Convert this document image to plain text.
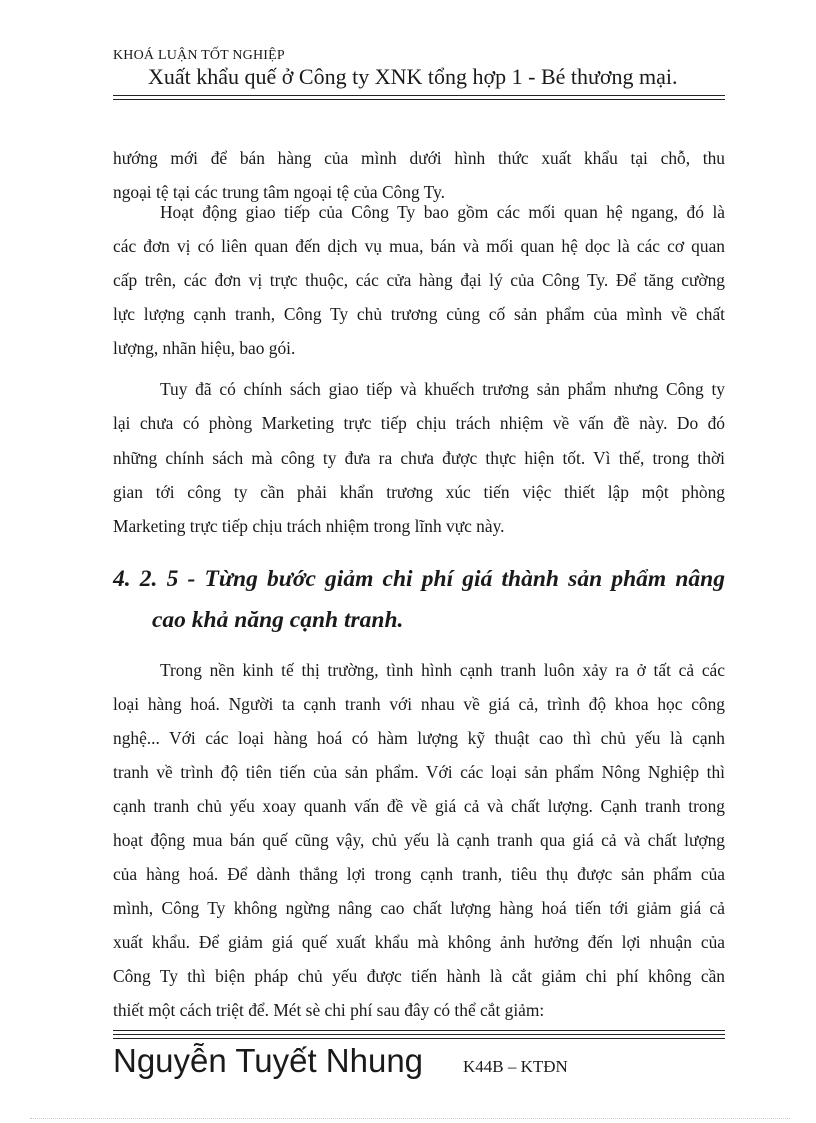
KHOÁ LUẬN TỐT NGHIỆP
Xuất khẩu quế ở Công ty XNK tổng hợp 1 - Bé thương mại.
hướng mới để bán hàng của mình dưới hình thức xuất khẩu tại chỗ, thu
ngoại tệ tại các trung tâm ngoại tệ của Công Ty.
Hoạt động giao tiếp của Công Ty bao gồm các mối quan hệ ngang, đó là
các đơn vị có liên quan đến dịch vụ mua, bán và mối quan hệ dọc là các cơ quan
cấp trên, các đơn vị trực thuộc, các cửa hàng đại lý của Công Ty. Để tăng cường
lực lượng cạnh tranh, Công Ty chủ trương củng cố sản phẩm của mình về chất
lượng, nhãn hiệu, bao gói.
Tuy đã có chính sách giao tiếp và khuếch trương sản phẩm nhưng Công ty
lại chưa có phòng Marketing trực tiếp chịu trách nhiệm về vấn đề này. Do đó
những chính sách mà công ty đưa ra chưa được thực hiện tốt. Vì thế, trong thời
gian tới công ty cần phải khẩn trương xúc tiến việc thiết lập một phòng
Marketing trực tiếp chịu trách nhiệm trong lĩnh vực này.
4. 2. 5 - Từng bước giảm chi phí giá thành sản phẩm nâng
cao khả năng cạnh tranh.
Trong nền kinh tế thị trường, tình hình cạnh tranh luôn xảy ra ở tất cả các
loại hàng hoá. Người ta cạnh tranh với nhau về giá cả, trình độ khoa học công
nghệ... Với các loại hàng hoá có hàm lượng kỹ thuật cao thì chủ yếu là cạnh
tranh về trình độ tiên tiến của sản phẩm. Với các loại sản phẩm Nông Nghiệp thì
cạnh tranh chủ yếu xoay quanh vấn đề về giá cả và chất lượng. Cạnh tranh trong
hoạt động mua bán quế cũng vậy, chủ yếu là cạnh tranh qua giá cả và chất lượng
của hàng hoá. Để dành thắng lợi trong cạnh tranh, tiêu thụ được sản phẩm của
mình, Công Ty không ngừng nâng cao chất lượng hàng hoá tiến tới giảm giá cả
xuất khẩu. Để giảm giá quế xuất khẩu mà không ảnh hưởng đến lợi nhuận của
Công Ty thì biện pháp chủ yếu được tiến hành là cắt giảm chi phí không cần
thiết một cách triệt để. Mét sè chi phí sau đây có thể cắt giảm:
Nguyễn Tuyết Nhung K44B – KTĐN
